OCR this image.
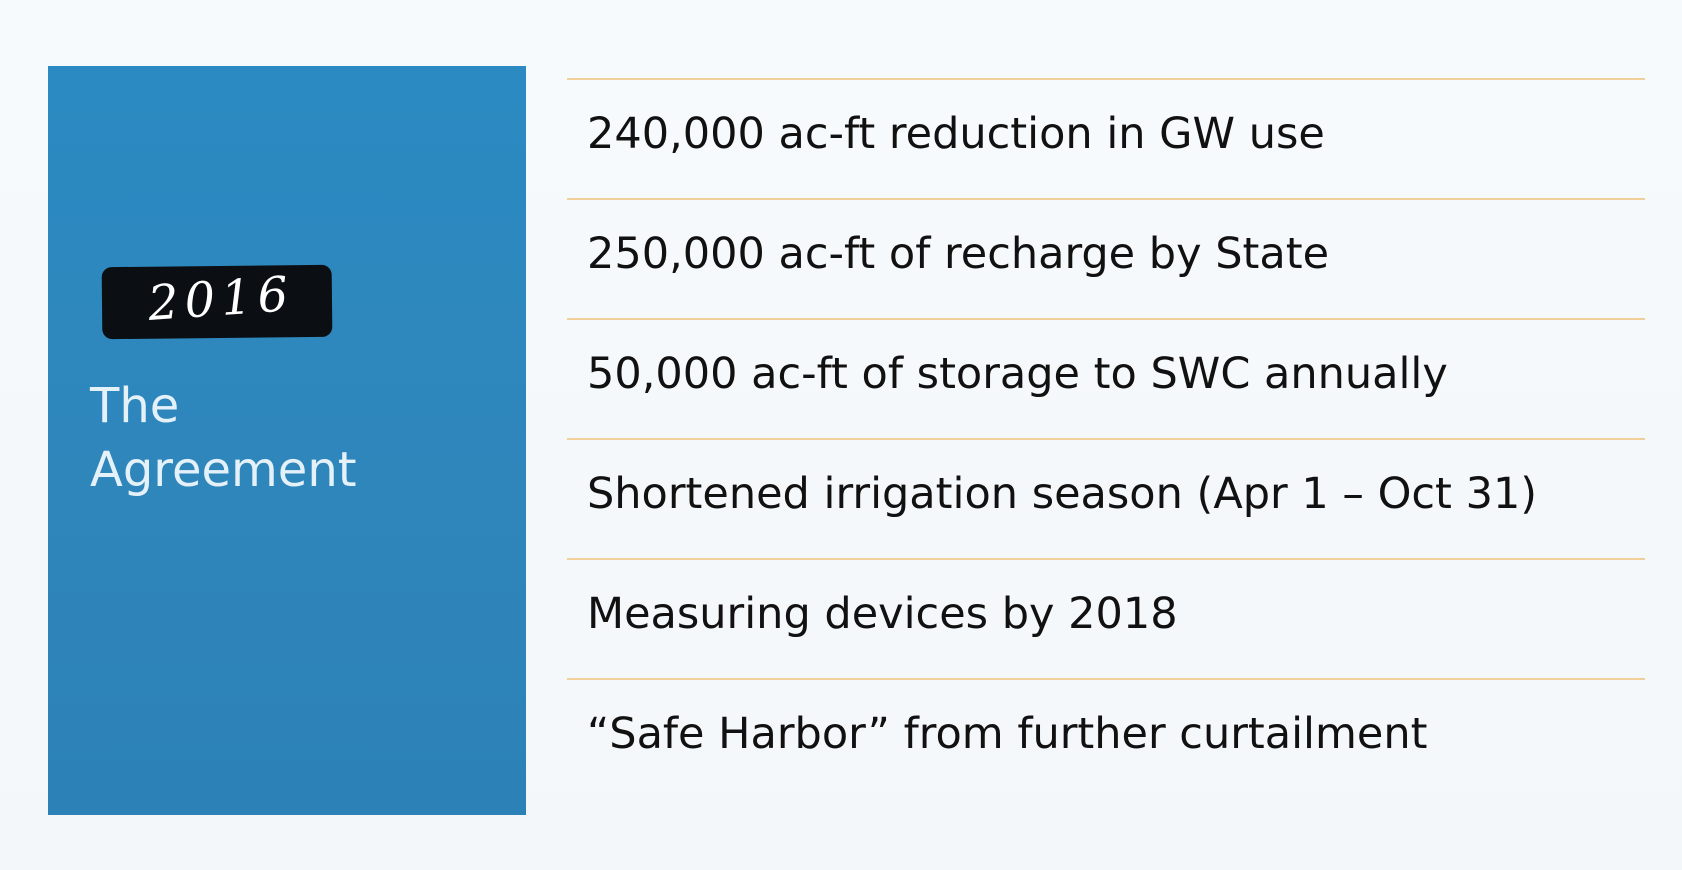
2016
The
Agreement
240,000 ac-ft reduction in GW use
250,000 ac-ft of recharge by State
50,000 ac-ft of storage to SWC annually
Shortened irrigation season (Apr 1 – Oct 31)
Measuring devices by 2018
“Safe Harbor” from further curtailment
